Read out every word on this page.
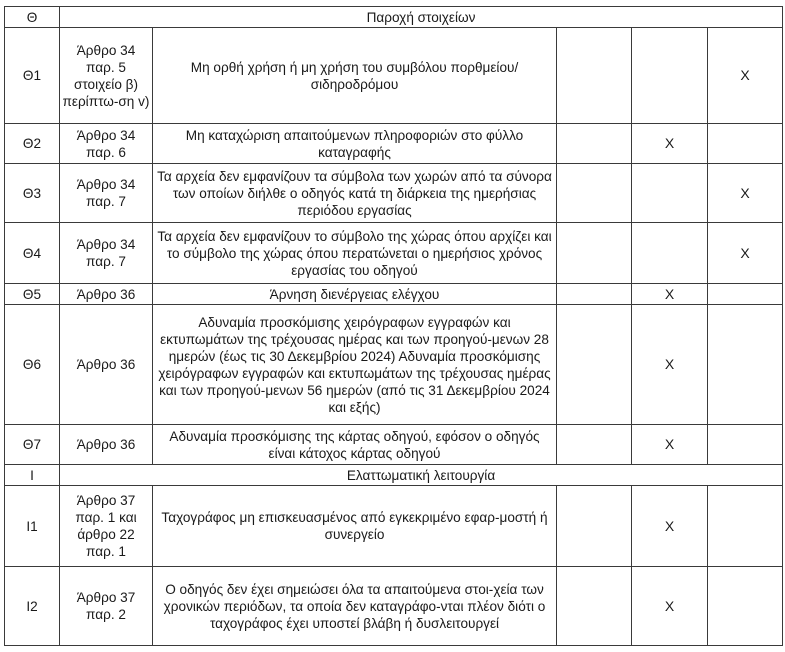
Θ	Παροχή στοιχείων				
Θ1	Άρθρο 34 παρ. 5 στοιχείο β) περίπτω-ση v)	Μη ορθή χρήση ή μη χρήση του συμβόλου πορθμείου/ σιδηροδρόμου			X
Θ2	Άρθρο 34 παρ. 6	Μη καταχώριση απαιτούμενων πληροφοριών στο φύλλο καταγραφής		X	
Θ3	Άρθρο 34 παρ. 7	Τα αρχεία δεν εμφανίζουν τα σύμβολα των χωρών από τα σύνορα των οποίων διήλθε ο οδηγός κατά τη διάρκεια της ημερήσιας περιόδου εργασίας			X
Θ4	Άρθρο 34 παρ. 7	Τα αρχεία δεν εμφανίζουν το σύμβολο της χώρας όπου αρχίζει και το σύμβολο της χώρας όπου περατώνεται ο ημερήσιος χρόνος εργασίας του οδηγού			X
Θ5	Άρθρο 36	Άρνηση διενέργειας ελέγχου		X	
Θ6	Άρθρο 36	Αδυναμία προσκόμισης χειρόγραφων εγγραφών και εκτυπωμάτων της τρέχουσας ημέρας και των προηγού-μενων 28 ημερών (έως τις 30 Δεκεμβρίου 2024) Αδυναμία προσκόμισης χειρόγραφων εγγραφών και εκτυπωμάτων της τρέχουσας ημέρας και των προηγού-μενων 56 ημερών (από τις 31 Δεκεμβρίου 2024 και εξής)		X	
Θ7	Άρθρο 36	Αδυναμία προσκόμισης της κάρτας οδηγού, εφόσον ο οδηγός είναι κάτοχος κάρτας οδηγού		X	
Ι	Ελαττωματική λειτουργία				
Ι1	Άρθρο 37 παρ. 1 και άρθρο 22 παρ. 1	Ταχογράφος μη επισκευασμένος από εγκεκριμένο εφαρ-μοστή ή συνεργείο		X	
Ι2	Άρθρο 37 παρ. 2	Ο οδηγός δεν έχει σημειώσει όλα τα απαιτούμενα στοι-χεία των χρονικών περιόδων, τα οποία δεν καταγράφο-νται πλέον διότι ο ταχογράφος έχει υποστεί βλάβη ή δυσλειτουργεί		X	
